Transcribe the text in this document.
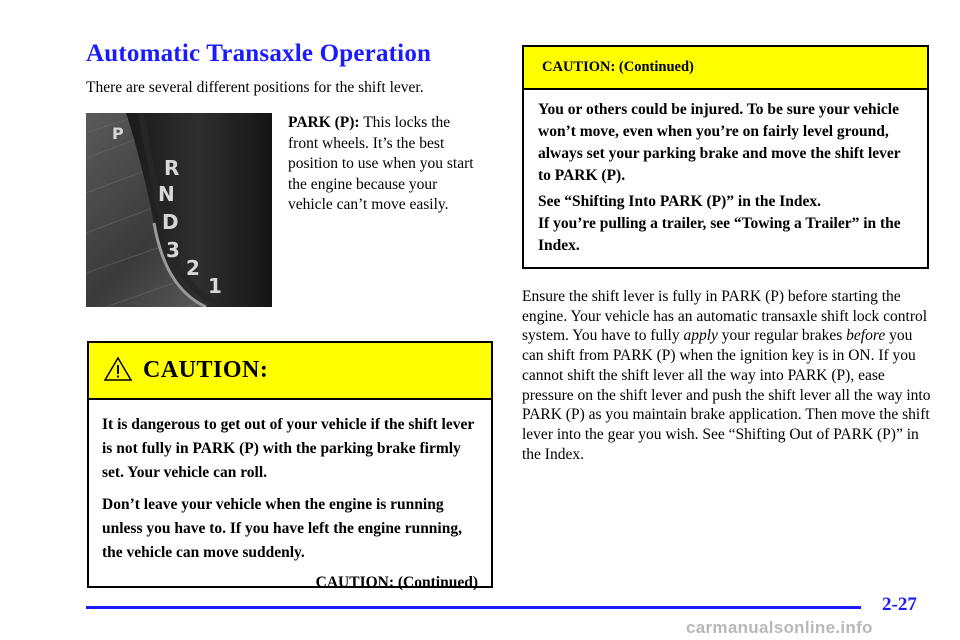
Automatic Transaxle Operation
There are several different positions for the shift lever.
P
R
N
D
3
2
1
PARK (P): This locks the front wheels. It’s the best position to use when you start the engine because your vehicle can’t move easily.
CAUTION:

It is dangerous to get out of your vehicle if the shift lever is not fully in PARK (P) with the parking brake firmly set. Your vehicle can roll.

Don’t leave your vehicle when the engine is running unless you have to. If you have left the engine running, the vehicle can move suddenly.

CAUTION: (Continued)
CAUTION: (Continued)

You or others could be injured. To be sure your vehicle won’t move, even when you’re on fairly level ground, always set your parking brake and move the shift lever to PARK (P).

See “Shifting Into PARK (P)” in the Index.

If you’re pulling a trailer, see “Towing a Trailer” in the Index.

Ensure the shift lever is fully in PARK (P) before starting the engine. Your vehicle has an automatic transaxle shift lock control system. You have to fully apply your regular brakes before you can shift from PARK (P) when the ignition key is in ON. If you cannot shift the shift lever all the way into PARK (P), ease pressure on the shift lever and push the shift lever all the way into PARK (P) as you maintain brake application. Then move the shift lever into the gear you wish. See “Shifting Out of PARK (P)” in the Index.

2-27
carmanualsonline.info
